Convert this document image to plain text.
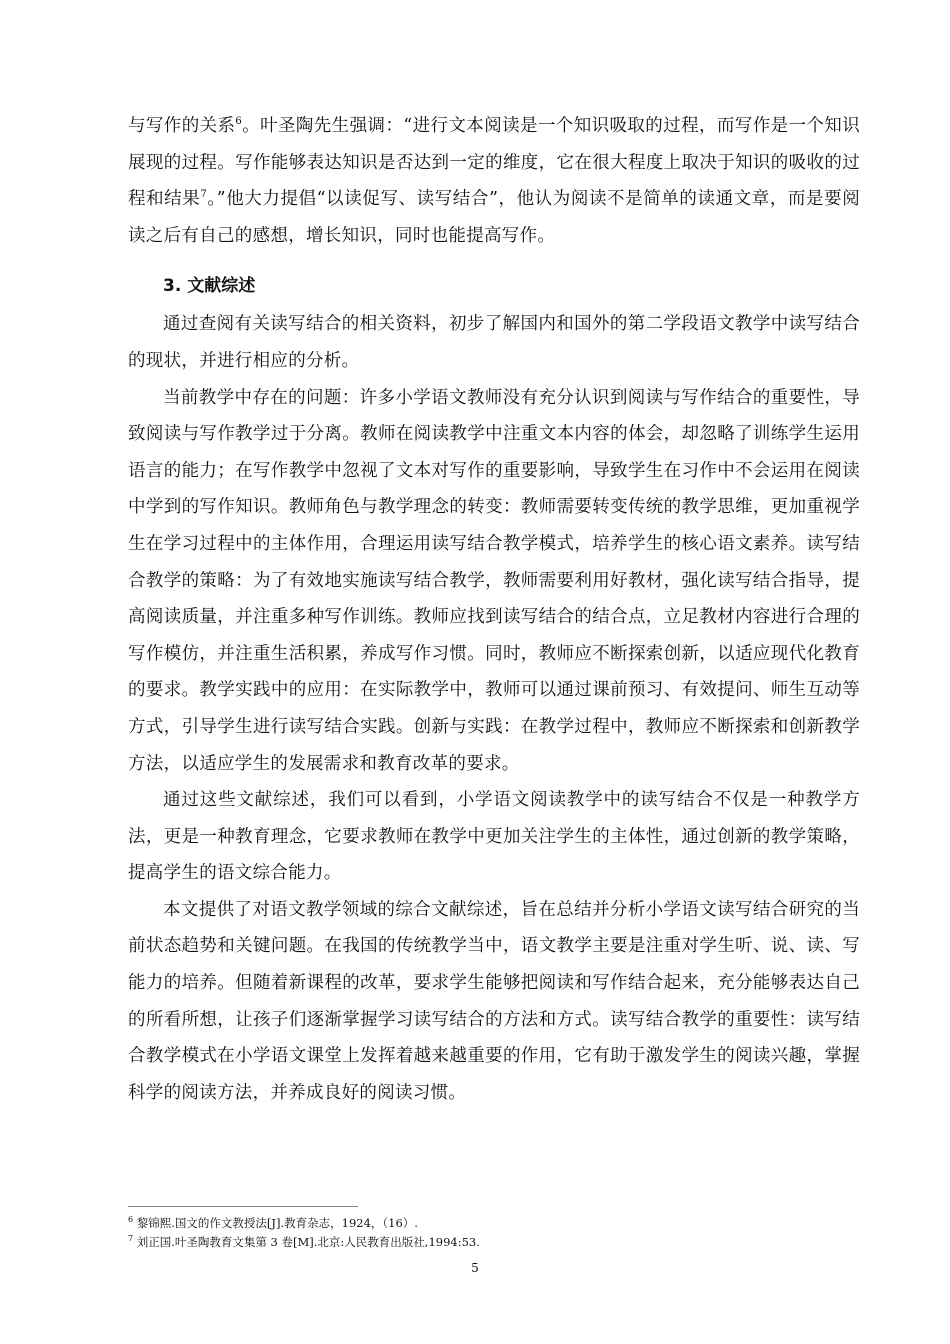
与写作的关系$^6$。叶圣陶先生强调：“进行文本阅读是一个知识吸取的过程，而写作是一个知识展现的过程。写作能够表达知识是否达到一定的维度，它在很大程度上取决于知识的吸收的过程和结果$^7$。”他大力提倡“以读促写、读写结合”，他认为阅读不是简单的读通文章，而是要阅读之后有自己的感想，增长知识，同时也能提高写作。

3. 文献综述

通过查阅有关读写结合的相关资料，初步了解国内和国外的第二学段语文教学中读写结合的现状，并进行相应的分析。

当前教学中存在的问题：许多小学语文教师没有充分认识到阅读与写作结合的重要性，导致阅读与写作教学过于分离。教师在阅读教学中注重文本内容的体会，却忽略了训练学生运用语言的能力；在写作教学中忽视了文本对写作的重要影响，导致学生在习作中不会运用在阅读中学到的写作知识。教师角色与教学理念的转变：教师需要转变传统的教学思维，更加重视学生在学习过程中的主体作用，合理运用读写结合教学模式，培养学生的核心语文素养。读写结合教学的策略：为了有效地实施读写结合教学，教师需要利用好教材，强化读写结合指导，提高阅读质量，并注重多种写作训练。教师应找到读写结合的结合点，立足教材内容进行合理的写作模仿，并注重生活积累，养成写作习惯。同时，教师应不断探索创新，以适应现代化教育的要求。教学实践中的应用：在实际教学中，教师可以通过课前预习、有效提问、师生互动等方式，引导学生进行读写结合实践。创新与实践：在教学过程中，教师应不断探索和创新教学方法，以适应学生的发展需求和教育改革的要求。

通过这些文献综述，我们可以看到，小学语文阅读教学中的读写结合不仅是一种教学方法，更是一种教育理念，它要求教师在教学中更加关注学生的主体性，通过创新的教学策略，提高学生的语文综合能力。

本文提供了对语文教学领域的综合文献综述，旨在总结并分析小学语文读写结合研究的当前状态趋势和关键问题。在我国的传统教学当中，语文教学主要是注重对学生听、说、读、写能力的培养。但随着新课程的改革，要求学生能够把阅读和写作结合起来，充分能够表达自己的所看所想，让孩子们逐渐掌握学习读写结合的方法和方式。读写结合教学的重要性：读写结合教学模式在小学语文课堂上发挥着越来越重要的作用，它有助于激发学生的阅读兴趣，掌握科学的阅读方法，并养成良好的阅读习惯。

$^6$ 黎锦熙.国文的作文教授法[J].教育杂志，1924，（16）.

$^7$ 刘正国.叶圣陶教育文集第 3 卷[M].北京:人民教育出版社,1994:53.

5
